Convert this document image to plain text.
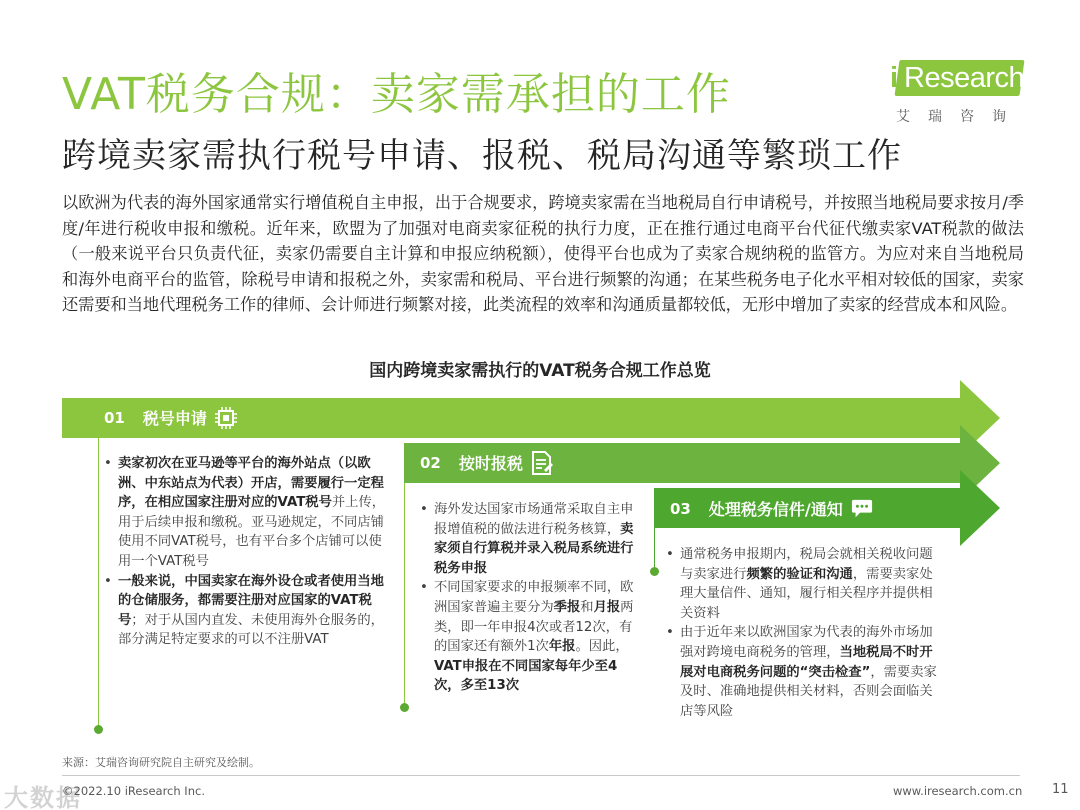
VAT税务合规：卖家需承担的工作
跨境卖家需执行税号申请、报税、税局沟通等繁琐工作
i Research
艾瑞咨询
以欧洲为代表的海外国家通常实行增值税自主申报，出于合规要求，跨境卖家需在当地税局自行申请税号，并按照当地税局要求按月/季度/年进行税收申报和缴税。近年来，欧盟为了加强对电商卖家征税的执行力度，正在推行通过电商平台代征代缴卖家VAT税款的做法（一般来说平台只负责代征，卖家仍需要自主计算和申报应纳税额），使得平台也成为了卖家合规纳税的监管方。为应对来自当地税局和海外电商平台的监管，除税号申请和报税之外，卖家需和税局、平台进行频繁的沟通；在某些税务电子化水平相对较低的国家，卖家还需要和当地代理税务工作的律师、会计师进行频繁对接，此类流程的效率和沟通质量都较低，无形中增加了卖家的经营成本和风险。
国内跨境卖家需执行的VAT税务合规工作总览
01 税号申请
02 按时报税
03 处理税务信件/通知
• 卖家初次在亚马逊等平台的海外站点（以欧洲、中东站点为代表）开店，需要履行一定程序，在相应国家注册对应的VAT税号并上传，用于后续申报和缴税。亚马逊规定，不同店铺使用不同VAT税号，也有平台多个店铺可以使用一个VAT税号
• 一般来说，中国卖家在海外设仓或者使用当地的仓储服务，都需要注册对应国家的VAT税号；对于从国内直发、未使用海外仓服务的，部分满足特定要求的可以不注册VAT
• 海外发达国家市场通常采取自主申报增值税的做法进行税务核算，卖家须自行算税并录入税局系统进行税务申报
• 不同国家要求的申报频率不同，欧洲国家普遍主要分为季报和月报两类，即一年申报4次或者12次，有的国家还有额外1次年报。因此，VAT申报在不同国家每年少至4次，多至13次
• 通常税务申报期内，税局会就相关税收问题与卖家进行频繁的验证和沟通，需要卖家处理大量信件、通知，履行相关程序并提供相关资料
• 由于近年来以欧洲国家为代表的海外市场加强对跨境电商税务的管理，当地税局不时开展对电商税务问题的“突击检查”，需要卖家及时、准确地提供相关材料，否则会面临关店等风险
来源：艾瑞咨询研究院自主研究及绘制。
大数据
©2022.10 iResearch Inc.	www.iresearch.com.cn 11
